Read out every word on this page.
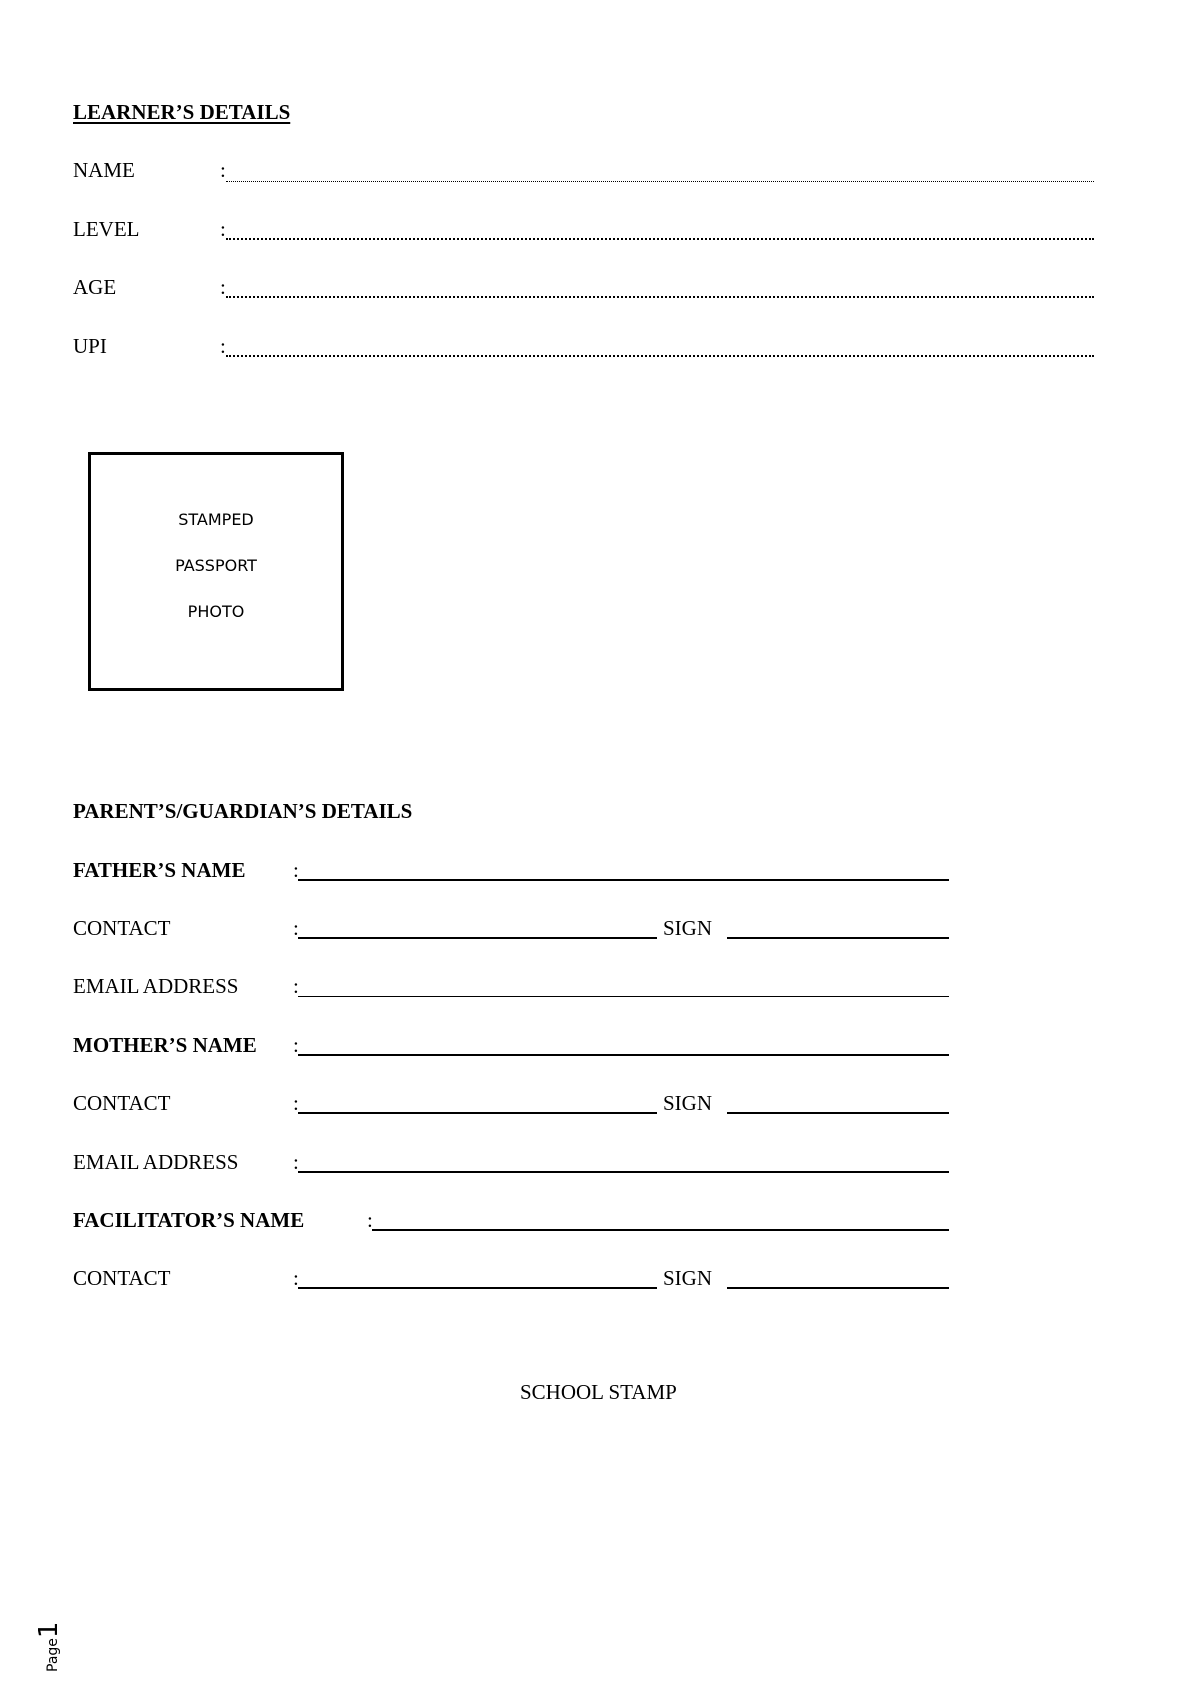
LEARNER’S DETAILS
NAME	:
LEVEL	:
AGE	:
UPI	:
STAMPED
PASSPORT
PHOTO
PARENT’S/GUARDIAN’S DETAILS
FATHER’S NAME :
CONTACT	:	SIGN
EMAIL ADDRESS	:
MOTHER’S NAME :
CONTACT	:	SIGN
EMAIL ADDRESS	:
FACILITATOR’S NAME	:
CONTACT	:	SIGN
SCHOOL STAMP
Page1
